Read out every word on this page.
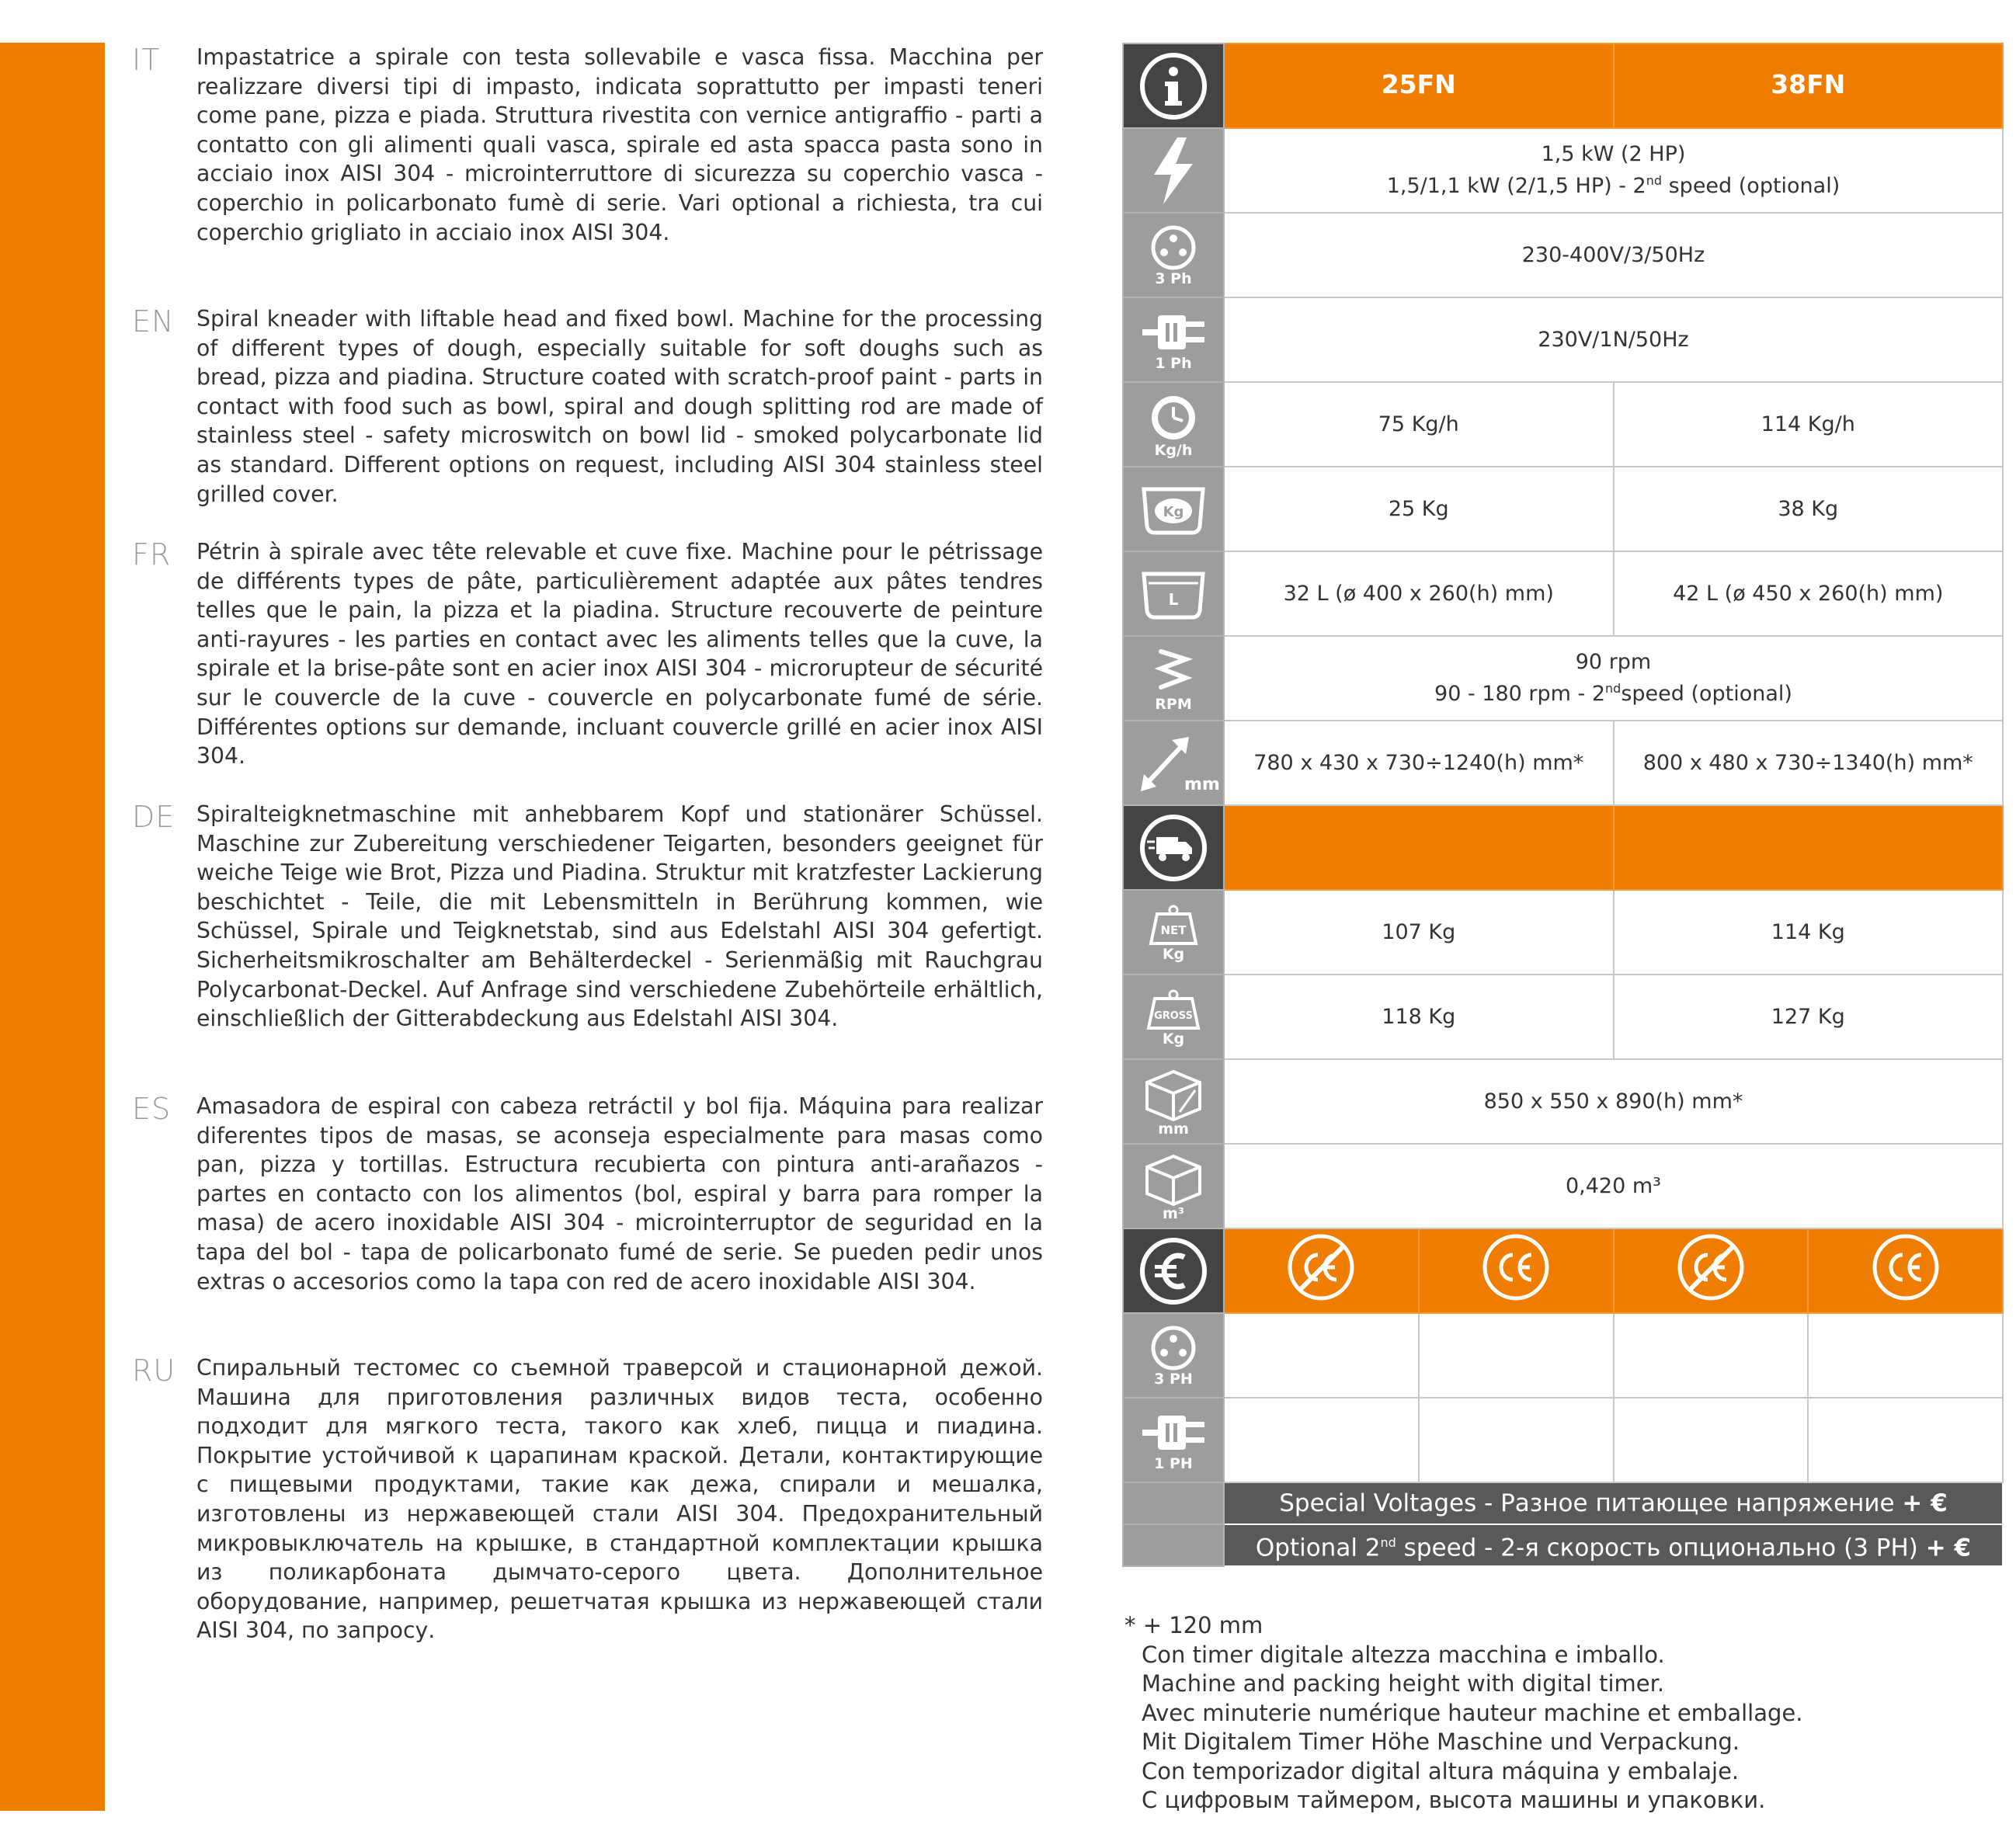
IT Impastatrice a spirale con testa sollevabile e vasca fissa. Macchina per realizzare diversi tipi di impasto, indicata soprattutto per impasti teneri come pane, pizza e piada. Struttura rivestita con vernice antigraffio - parti a contatto con gli alimenti quali vasca, spirale ed asta spacca pasta sono in acciaio inox AISI 304 - microinterruttore di sicurezza su coperchio vasca - coperchio in policarbonato fumè di serie. Vari optional a richiesta, tra cui coperchio grigliato in acciaio inox AISI 304.
EN Spiral kneader with liftable head and fixed bowl. Machine for the processing of different types of dough, especially suitable for soft doughs such as bread, pizza and piadina. Structure coated with scratch-proof paint - parts in contact with food such as bowl, spiral and dough splitting rod are made of stainless steel - safety microswitch on bowl lid - smoked polycarbonate lid as standard. Different options on request, including AISI 304 stainless steel grilled cover.
FR Pétrin à spirale avec tête relevable et cuve fixe. Machine pour le pétrissage de différents types de pâte, particulièrement adaptée aux pâtes tendres telles que le pain, la pizza et la piadina. Structure recouverte de peinture anti-rayures - les parties en contact avec les aliments telles que la cuve, la spirale et la brise-pâte sont en acier inox AISI 304 - microrupteur de sécurité sur le couvercle de la cuve - couvercle en polycarbonate fumé de série. Différentes options sur demande, incluant couvercle grillé en acier inox AISI 304.
DE Spiralteigknetmaschine mit anhebbarem Kopf und stationärer Schüssel. Maschine zur Zubereitung verschiedener Teigarten, besonders geeignet für weiche Teige wie Brot, Pizza und Piadina. Struktur mit kratzfester Lackierung beschichtet - Teile, die mit Lebensmitteln in Berührung kommen, wie Schüssel, Spirale und Teigknetstab, sind aus Edelstahl AISI 304 gefertigt. Sicherheitsmikroschalter am Behälterdeckel - Serienmäßig mit Rauchgrau Polycarbonat-Deckel. Auf Anfrage sind verschiedene Zubehörteile erhältlich, einschließlich der Gitterabdeckung aus Edelstahl AISI 304.
ES Amasadora de espiral con cabeza retráctil y bol fija. Máquina para realizar diferentes tipos de masas, se aconseja especialmente para masas como pan, pizza y tortillas. Estructura recubierta con pintura anti-arañazos - partes en contacto con los alimentos (bol, espiral y barra para romper la masa) de acero inoxidable AISI 304 - microinterruptor de seguridad en la tapa del bol - tapa de policarbonato fumé de serie. Se pueden pedir unos extras o accesorios como la tapa con red de acero inoxidable AISI 304.
RU Спиральный тестомес со съемной траверсой и стационарной дежой. Машина для приготовления различных видов теста, особенно подходит для мягкого теста, такого как хлеб, пицца и пиадина. Покрытие устойчивой к царапинам краской. Детали, контактирующие с пищевыми продуктами, такие как дежа, спирали и мешалка, изготовлены из нержавеющей стали AISI 304. Предохранительный микровыключатель на крышке, в стандартной комплектации крышка из поликарбоната дымчато-серого цвета. Дополнительное оборудование, например, решетчатая крышка из нержавеющей стали AISI 304, по запросу.
	25FN		38FN	

1,5 kW (2 HP)
1,5/1,1 kW (2/1,5 HP) - 2nd speed (optional)			

3 Ph	230-400V/3/50Hz			

1 Ph	230V/1N/50Hz			

Kg/h	75 Kg/h		114 Kg/h	

Kg	25 Kg		38 Kg	

L	32 L (ø 400 x 260(h) mm)		42 L (ø 450 x 260(h) mm)	

RPM	90 rpm
90 - 180 rpm - 2ndspeed (optional)			

mm	780 x 430 x 730÷1240(h) mm*		800 x 480 x 730÷1340(h) mm*	

NET
Kg	107 Kg		114 Kg	

GROSS
Kg	118 Kg		127 Kg	

mm	850 x 550 x 890(h) mm*			

m³	0,420 m³			

3 PH				

1 PH				

	Special Voltages - Разное питающее напряжение + €			
	Optional 2nd speed - 2-я скорость опционально (3 PH) + €			
* + 120 mm
Con timer digitale altezza macchina e imballo.
Machine and packing height with digital timer.
Avec minuterie numérique hauteur machine et emballage.
Mit Digitalem Timer Höhe Maschine und Verpackung.
Con temporizador digital altura máquina y embalaje.
С цифровым таймером, высота машины и упаковки.
